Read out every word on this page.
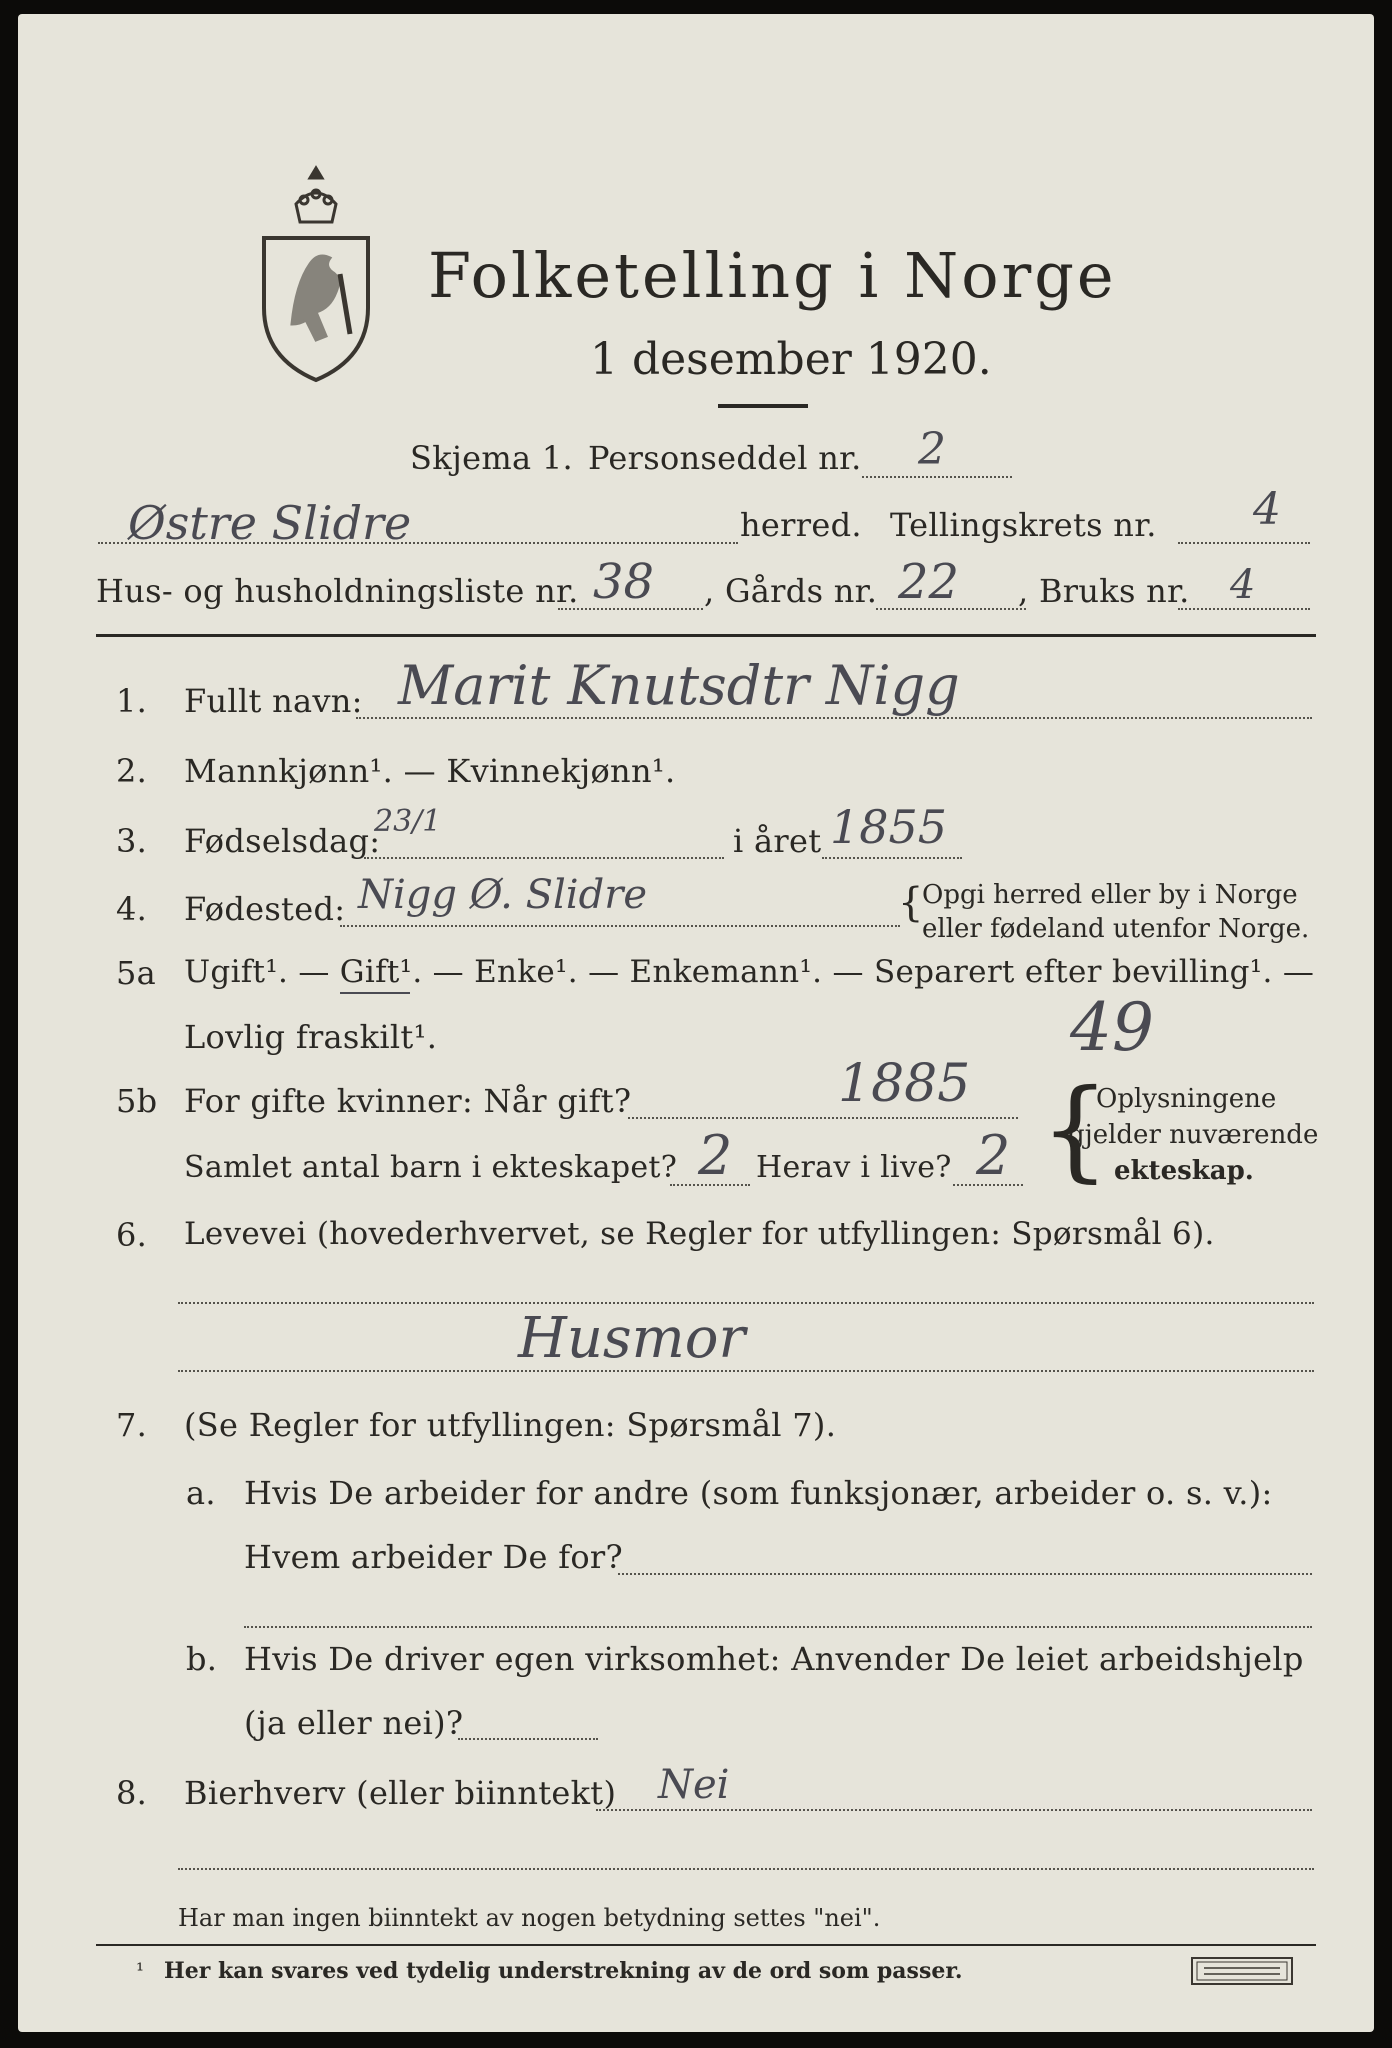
Folketelling i Norge
1 desember 1920.
Skjema 1. Personseddel nr. 2
Østre Slidre	herred. Tellingskrets nr. 4
Hus- og husholdningsliste nr. 38 , Gårds nr. 22 , Bruks nr. 4
1. Fullt navn: Marit Knutsdtr Nigg
2. Mannkjønn¹. — Kvinnekjønn¹.
3. Fødselsdag:
23/1
i året 1855
4. Fødested: Nigg Ø. Slidre	{
Opgi herred eller by i Norge
eller fødeland utenfor Norge.
5a Ugift¹. — Gift¹. — Enke¹. — Enkemann¹. — Separert efter bevilling¹. —
Lovlig fraskilt¹.	49
5b For gifte kvinner: Når gift?	1885
Samlet antal barn i ekteskapet? 2 Herav i live? 2 {
Oplysningene
gjelder nuværende
ekteskap.
6. Levevei (hovederhvervet, se Regler for utfyllingen: Spørsmål 6).
Husmor
7. (Se Regler for utfyllingen: Spørsmål 7).
a. Hvis De arbeider for andre (som funksjonær, arbeider o. s. v.):
Hvem arbeider De for?
b. Hvis De driver egen virksomhet: Anvender De leiet arbeidshjelp
(ja eller nei)?
8. Bierhverv (eller biinntekt) Nei
Har man ingen biinntekt av nogen betydning settes "nei".
¹ Her kan svares ved tydelig understrekning av de ord som passer.
